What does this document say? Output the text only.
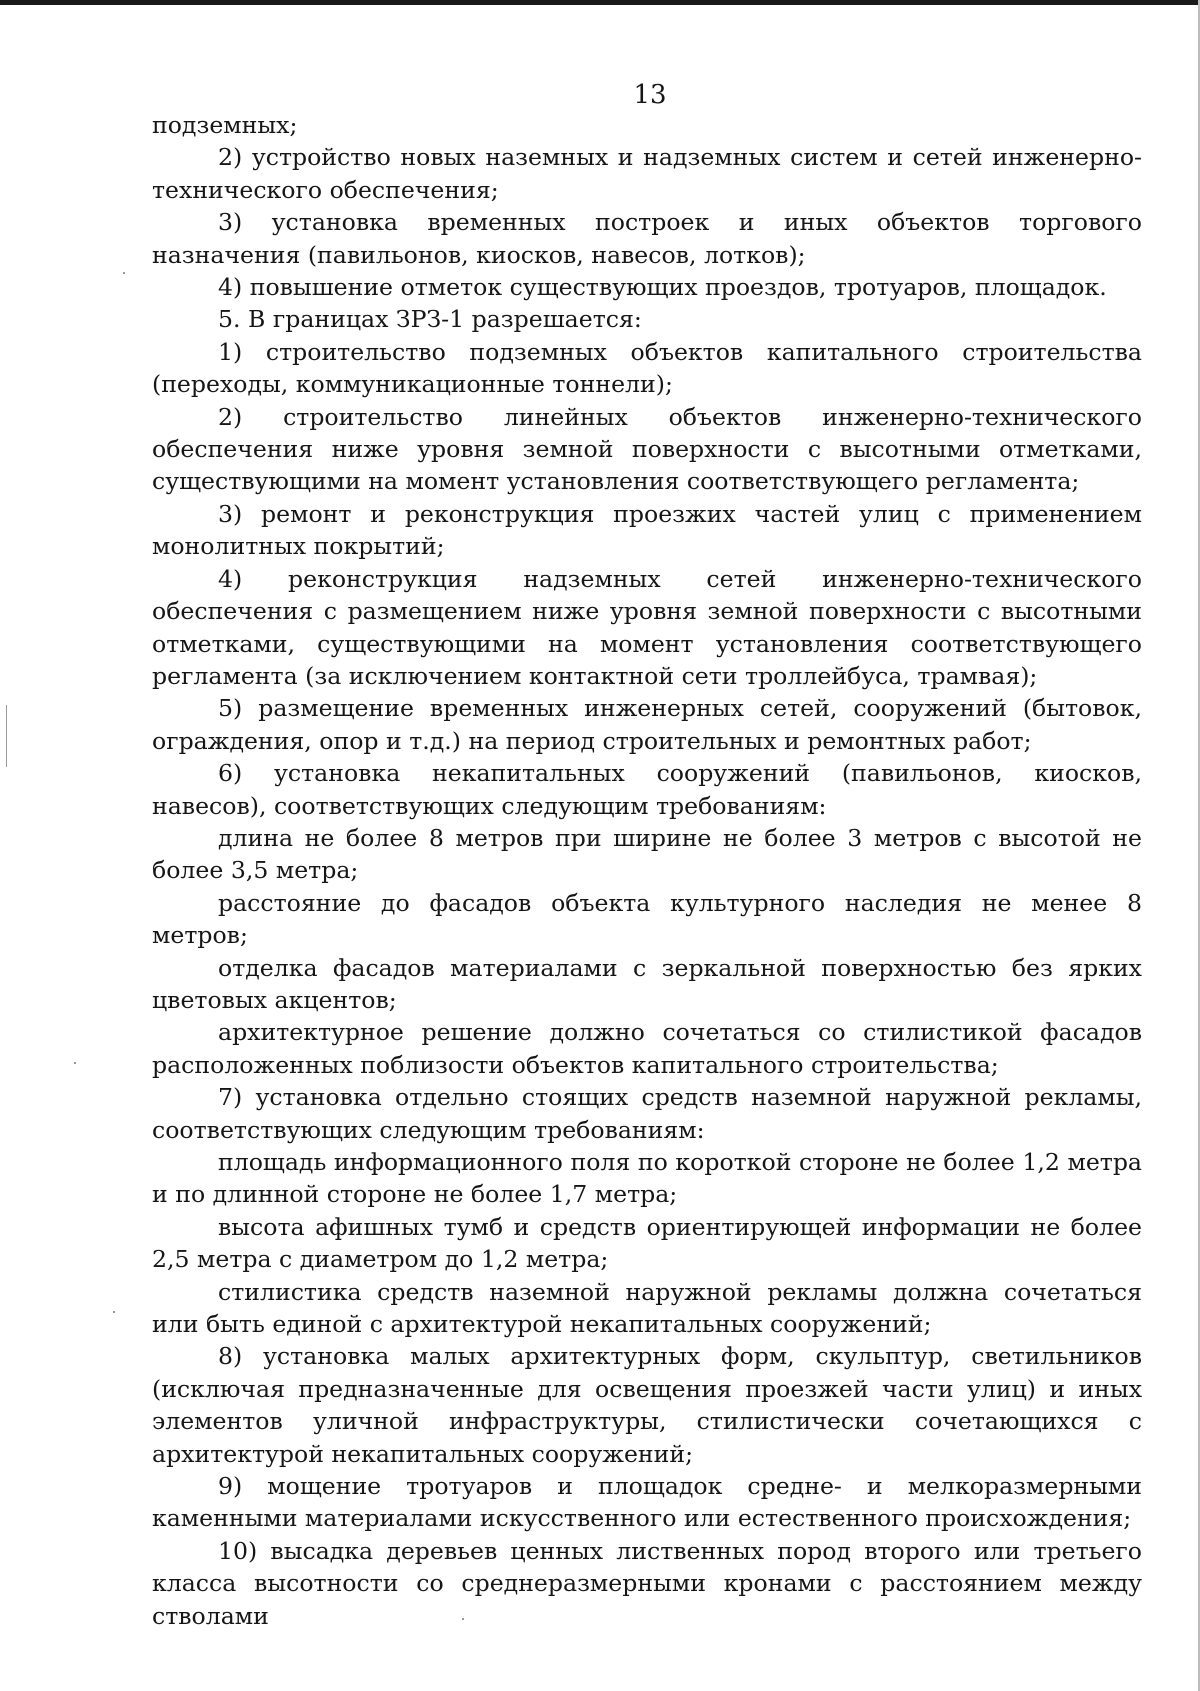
13

подземных;

2) устройство новых наземных и надземных систем и сетей инженерно-технического обеспечения;

3) установка временных построек и иных объектов торгового назначения (павильонов, киосков, навесов, лотков);

4) повышение отметок существующих проездов, тротуаров, площадок.

5. В границах ЗРЗ-1 разрешается:

1) строительство подземных объектов капитального строительства (переходы, коммуникационные тоннели);

2) строительство линейных объектов инженерно-технического обеспечения ниже уровня земной поверхности с высотными отметками, существующими на момент установления соответствующего регламента;

3) ремонт и реконструкция проезжих частей улиц с применением монолитных покрытий;

4) реконструкция надземных сетей инженерно-технического обеспечения с размещением ниже уровня земной поверхности с высотными отметками, существующими на момент установления соответствующего регламента (за исключением контактной сети троллейбуса, трамвая);

5) размещение временных инженерных сетей, сооружений (бытовок, ограждения, опор и т.д.) на период строительных и ремонтных работ;

6) установка некапитальных сооружений (павильонов, киосков, навесов), соответствующих следующим требованиям:

длина не более 8 метров при ширине не более 3 метров с высотой не более 3,5 метра;

расстояние до фасадов объекта культурного наследия не менее 8 метров;

отделка фасадов материалами с зеркальной поверхностью без ярких цветовых акцентов;

архитектурное решение должно сочетаться со стилистикой фасадов расположенных поблизости объектов капитального строительства;

7) установка отдельно стоящих средств наземной наружной рекламы, соответствующих следующим требованиям:

площадь информационного поля по короткой стороне не более 1,2 метра и по длинной стороне не более 1,7 метра;

высота афишных тумб и средств ориентирующей информации не более 2,5 метра с диаметром до 1,2 метра;

стилистика средств наземной наружной рекламы должна сочетаться или быть единой с архитектурой некапитальных сооружений;

8) установка малых архитектурных форм, скульптур, светильников (исключая предназначенные для освещения проезжей части улиц) и иных элементов уличной инфраструктуры, стилистически сочетающихся с архитектурой некапитальных сооружений;

9) мощение тротуаров и площадок средне- и мелкоразмерными каменными материалами искусственного или естественного происхождения;

10) высадка деревьев ценных лиственных пород второго или третьего класса высотности со среднеразмерными кронами с расстоянием между стволами
